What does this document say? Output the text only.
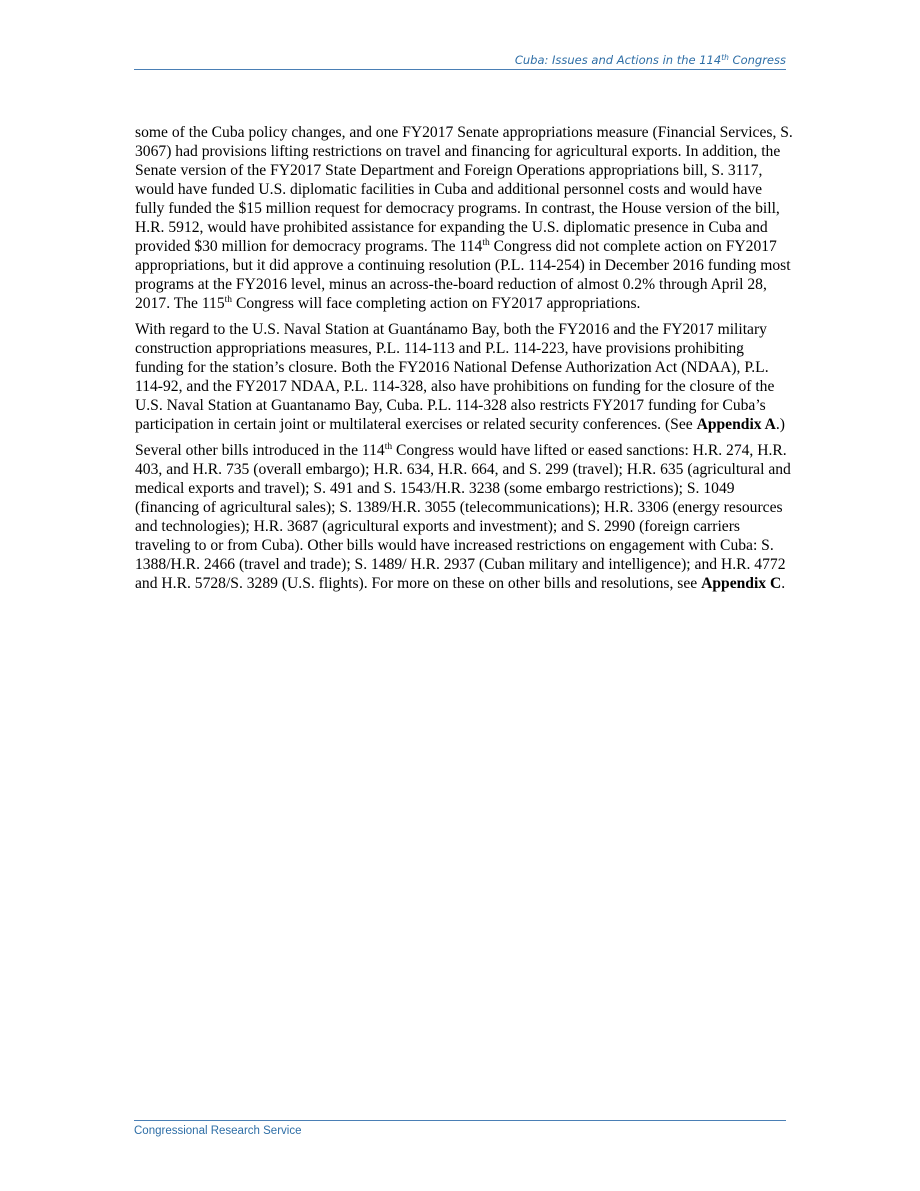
Cuba: Issues and Actions in the 114th Congress

some of the Cuba policy changes, and one FY2017 Senate appropriations measure (Financial Services, S. 3067) had provisions lifting restrictions on travel and financing for agricultural exports. In addition, the Senate version of the FY2017 State Department and Foreign Operations appropriations bill, S. 3117, would have funded U.S. diplomatic facilities in Cuba and additional personnel costs and would have fully funded the $15 million request for democracy programs. In contrast, the House version of the bill, H.R. 5912, would have prohibited assistance for expanding the U.S. diplomatic presence in Cuba and provided $30 million for democracy programs. The 114th Congress did not complete action on FY2017 appropriations, but it did approve a continuing resolution (P.L. 114-254) in December 2016 funding most programs at the FY2016 level, minus an across-the-board reduction of almost 0.2% through April 28, 2017. The 115th Congress will face completing action on FY2017 appropriations.

With regard to the U.S. Naval Station at Guantánamo Bay, both the FY2016 and the FY2017 military construction appropriations measures, P.L. 114-113 and P.L. 114-223, have provisions prohibiting funding for the station’s closure. Both the FY2016 National Defense Authorization Act (NDAA), P.L. 114-92, and the FY2017 NDAA, P.L. 114-328, also have prohibitions on funding for the closure of the U.S. Naval Station at Guantanamo Bay, Cuba. P.L. 114-328 also restricts FY2017 funding for Cuba’s participation in certain joint or multilateral exercises or related security conferences. (See Appendix A.)

Several other bills introduced in the 114th Congress would have lifted or eased sanctions: H.R. 274, H.R. 403, and H.R. 735 (overall embargo); H.R. 634, H.R. 664, and S. 299 (travel); H.R. 635 (agricultural and medical exports and travel); S. 491 and S. 1543/H.R. 3238 (some embargo restrictions); S. 1049 (financing of agricultural sales); S. 1389/H.R. 3055 (telecommunications); H.R. 3306 (energy resources and technologies); H.R. 3687 (agricultural exports and investment); and S. 2990 (foreign carriers traveling to or from Cuba). Other bills would have increased restrictions on engagement with Cuba: S. 1388/H.R. 2466 (travel and trade); S. 1489/ H.R. 2937 (Cuban military and intelligence); and H.R. 4772 and H.R. 5728/S. 3289 (U.S. flights). For more on these on other bills and resolutions, see Appendix C.

Congressional Research Service
